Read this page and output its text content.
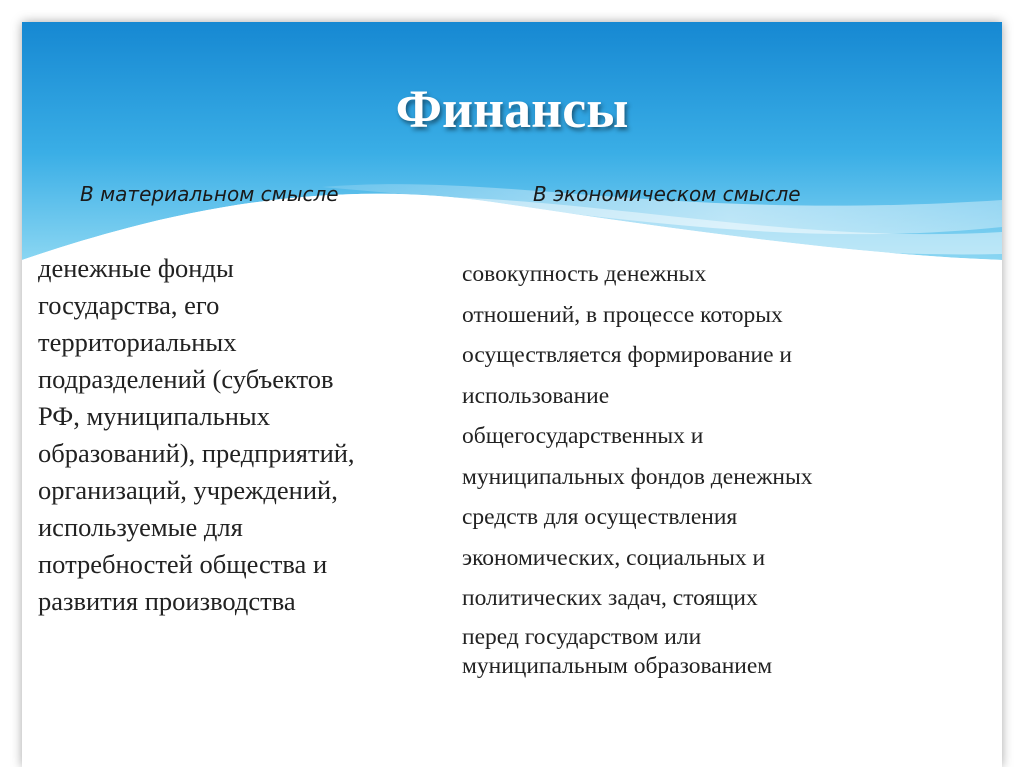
Финансы
В материальном смысле	В экономическом смысле
денежные фонды
государства, его
территориальных
подразделений (субъектов
РФ, муниципальных
образований), предприятий,
организаций, учреждений,
используемые для
потребностей общества и
развития производства
совокупность денежных
отношений, в процессе которых
осуществляется формирование и
использование
общегосударственных и
муниципальных фондов денежных
средств для осуществления
экономических, социальных и
политических задач, стоящих
перед государством или
муниципальным образованием
